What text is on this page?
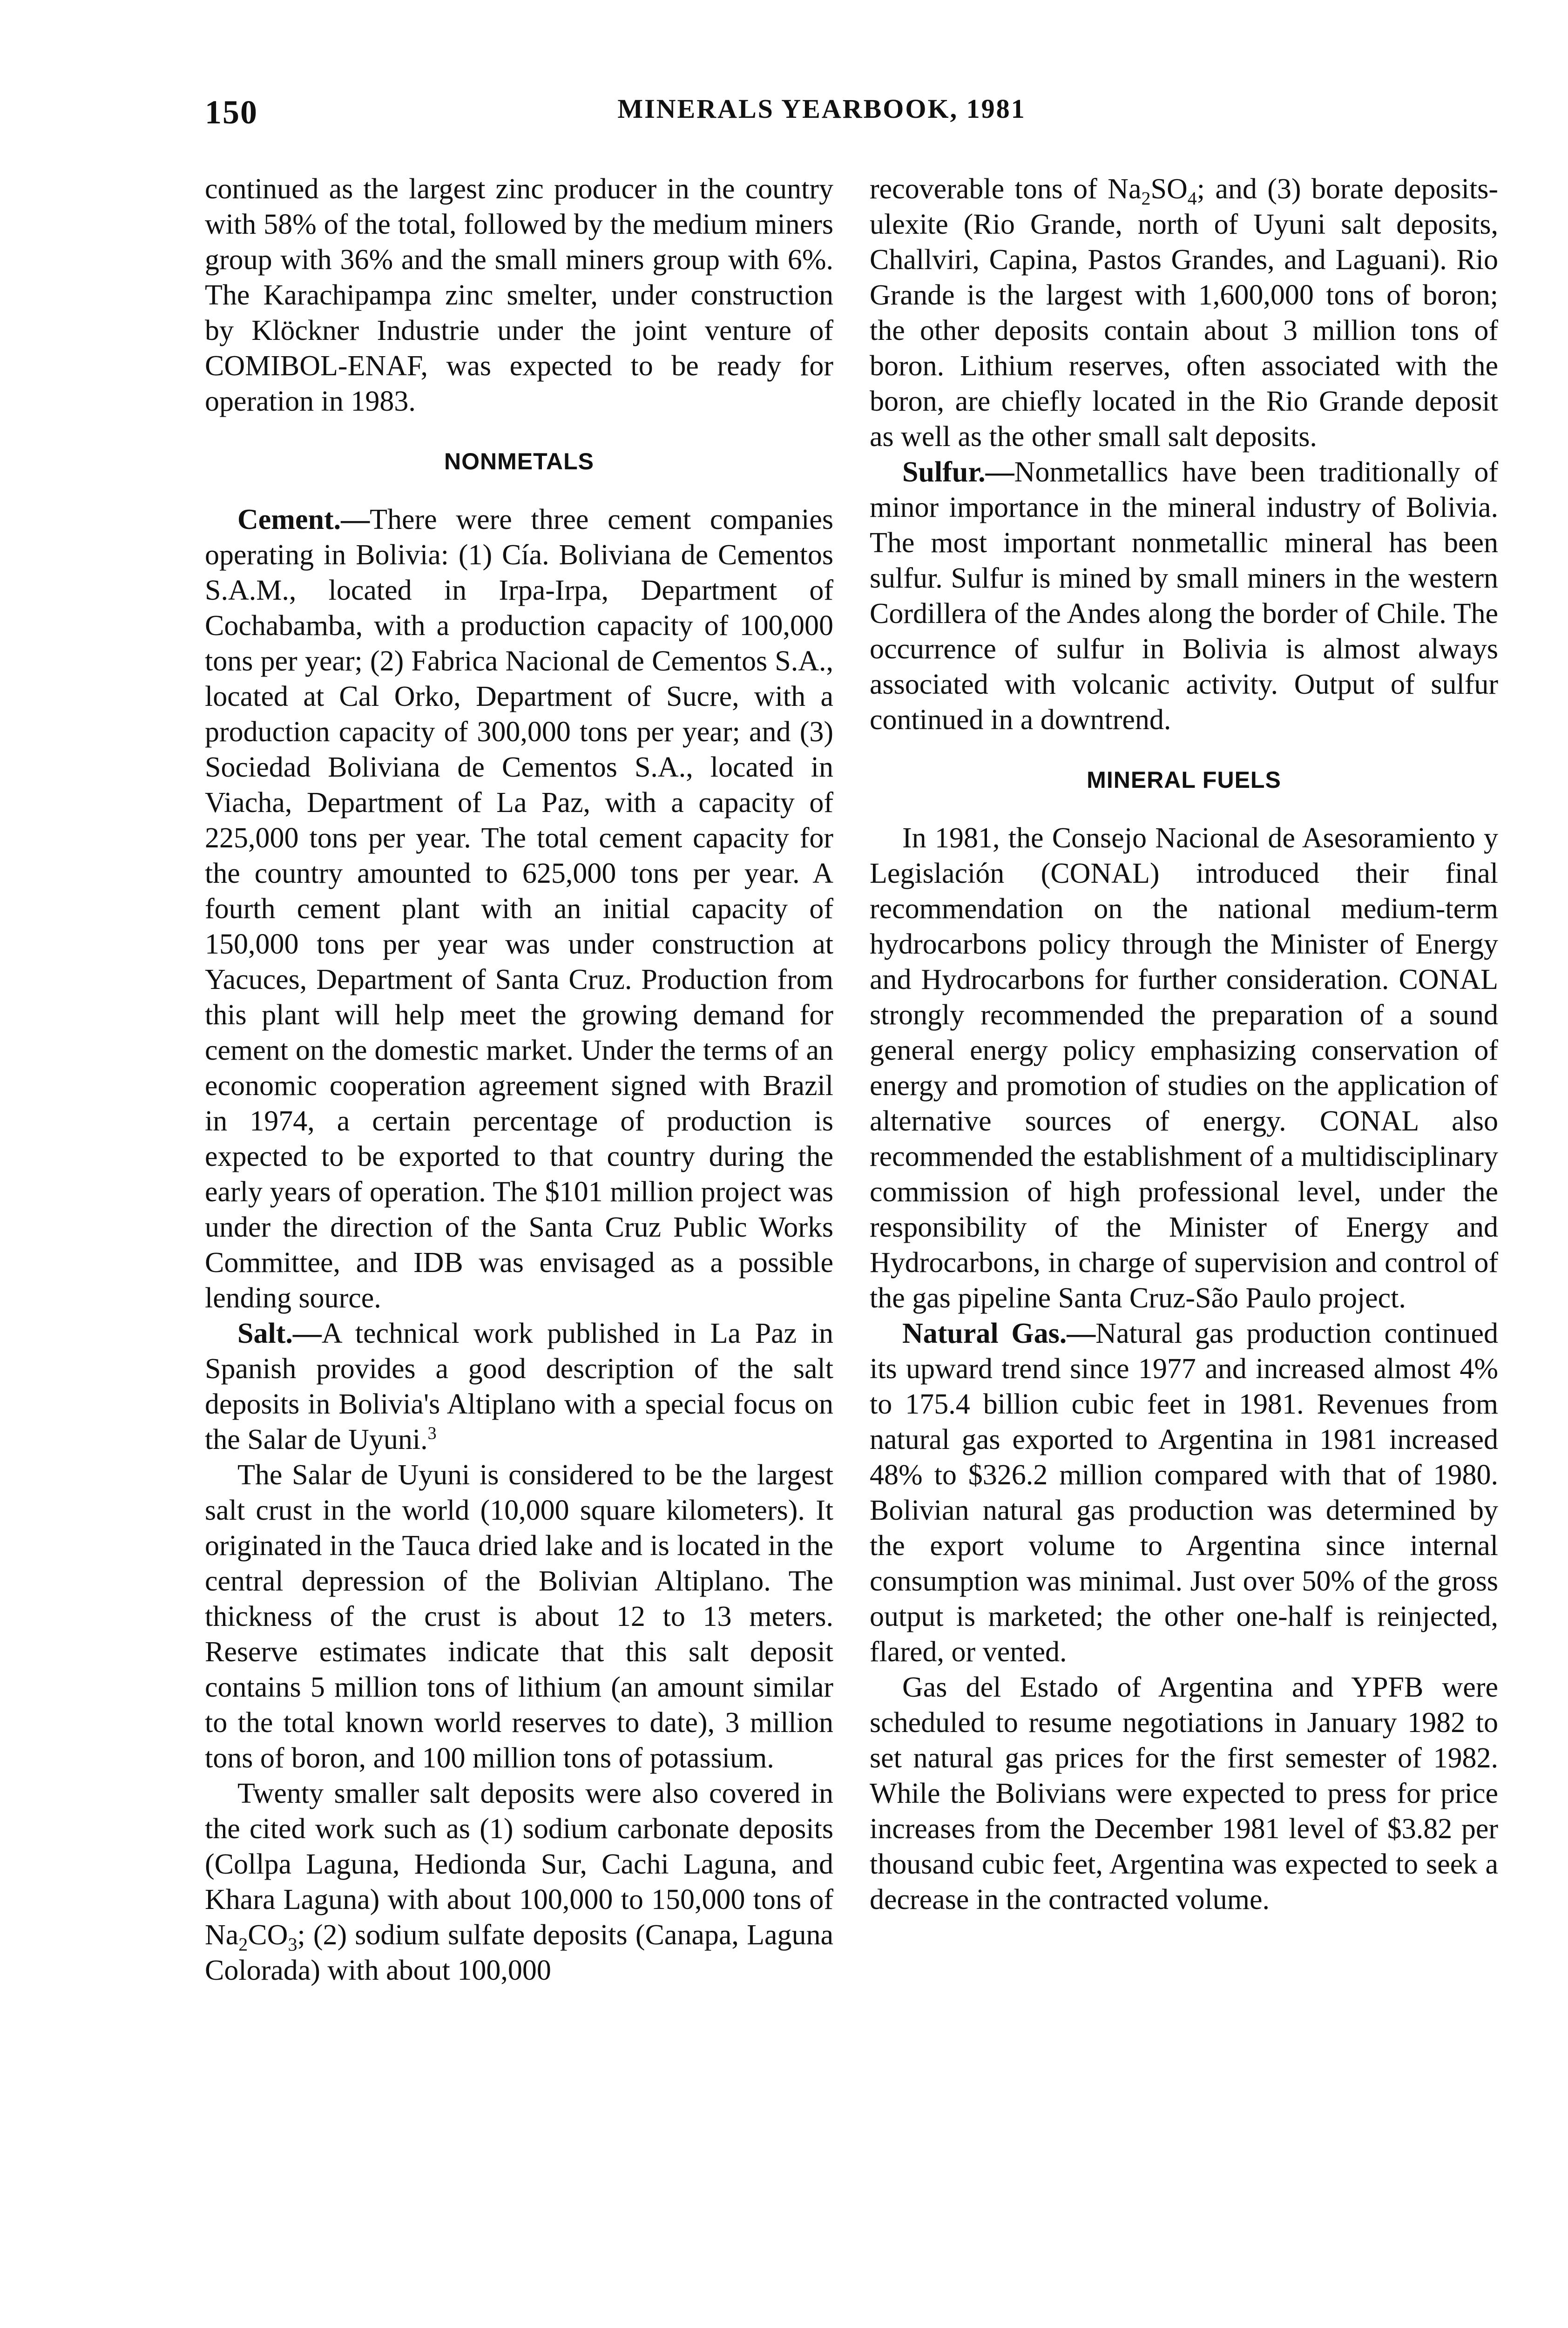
150	MINERALS YEARBOOK, 1981

continued as the largest zinc producer in the country with 58% of the total, followed by the medium miners group with 36% and the small miners group with 6%. The Karachipampa zinc smelter, under construction by Klöckner Industrie under the joint venture of COMIBOL-ENAF, was expected to be ready for operation in 1983.

NONMETALS

Cement.—There were three cement companies operating in Bolivia: (1) Cía. Boliviana de Cementos S.A.M., located in Irpa-Irpa, Department of Cochabamba, with a production capacity of 100,000 tons per year; (2) Fabrica Nacional de Cementos S.A., located at Cal Orko, Department of Sucre, with a production capacity of 300,000 tons per year; and (3) Sociedad Boliviana de Cementos S.A., located in Viacha, Department of La Paz, with a capacity of 225,000 tons per year. The total cement capacity for the country amounted to 625,000 tons per year. A fourth cement plant with an initial capacity of 150,000 tons per year was under construction at Yacuces, Department of Santa Cruz. Production from this plant will help meet the growing demand for cement on the domestic market. Under the terms of an economic cooperation agreement signed with Brazil in 1974, a certain percentage of production is expected to be exported to that country during the early years of operation. The $101 million project was under the direction of the Santa Cruz Public Works Committee, and IDB was envisaged as a possible lending source.

Salt.—A technical work published in La Paz in Spanish provides a good description of the salt deposits in Bolivia's Altiplano with a special focus on the Salar de Uyuni.$^3$

The Salar de Uyuni is considered to be the largest salt crust in the world (10,000 square kilometers). It originated in the Tauca dried lake and is located in the central depression of the Bolivian Altiplano. The thickness of the crust is about 12 to 13 meters. Reserve estimates indicate that this salt deposit contains 5 million tons of lithium (an amount similar to the total known world reserves to date), 3 million tons of boron, and 100 million tons of potassium.

Twenty smaller salt deposits were also covered in the cited work such as (1) sodium carbonate deposits (Collpa Laguna, Hedionda Sur, Cachi Laguna, and Khara Laguna) with about 100,000 to 150,000 tons of $Na_2CO_3$; (2) sodium sulfate deposits (Canapa, Laguna Colorada) with about 100,000

recoverable tons of $Na_2SO_4$; and (3) borate deposits-ulexite (Rio Grande, north of Uyuni salt deposits, Challviri, Capina, Pastos Grandes, and Laguani). Rio Grande is the largest with 1,600,000 tons of boron; the other deposits contain about 3 million tons of boron. Lithium reserves, often associated with the boron, are chiefly located in the Rio Grande deposit as well as the other small salt deposits.

Sulfur.—Nonmetallics have been traditionally of minor importance in the mineral industry of Bolivia. The most important nonmetallic mineral has been sulfur. Sulfur is mined by small miners in the western Cordillera of the Andes along the border of Chile. The occurrence of sulfur in Bolivia is almost always associated with volcanic activity. Output of sulfur continued in a downtrend.

MINERAL FUELS

In 1981, the Consejo Nacional de Asesoramiento y Legislación (CONAL) introduced their final recommendation on the national medium-term hydrocarbons policy through the Minister of Energy and Hydrocarbons for further consideration. CONAL strongly recommended the preparation of a sound general energy policy emphasizing conservation of energy and promotion of studies on the application of alternative sources of energy. CONAL also recommended the establishment of a multidisciplinary commission of high professional level, under the responsibility of the Minister of Energy and Hydrocarbons, in charge of supervision and control of the gas pipeline Santa Cruz-São Paulo project.

Natural Gas.—Natural gas production continued its upward trend since 1977 and increased almost 4% to 175.4 billion cubic feet in 1981. Revenues from natural gas exported to Argentina in 1981 increased 48% to $326.2 million compared with that of 1980. Bolivian natural gas production was determined by the export volume to Argentina since internal consumption was minimal. Just over 50% of the gross output is marketed; the other one-half is reinjected, flared, or vented.

Gas del Estado of Argentina and YPFB were scheduled to resume negotiations in January 1982 to set natural gas prices for the first semester of 1982. While the Bolivians were expected to press for price increases from the December 1981 level of $3.82 per thousand cubic feet, Argentina was expected to seek a decrease in the contracted volume.
